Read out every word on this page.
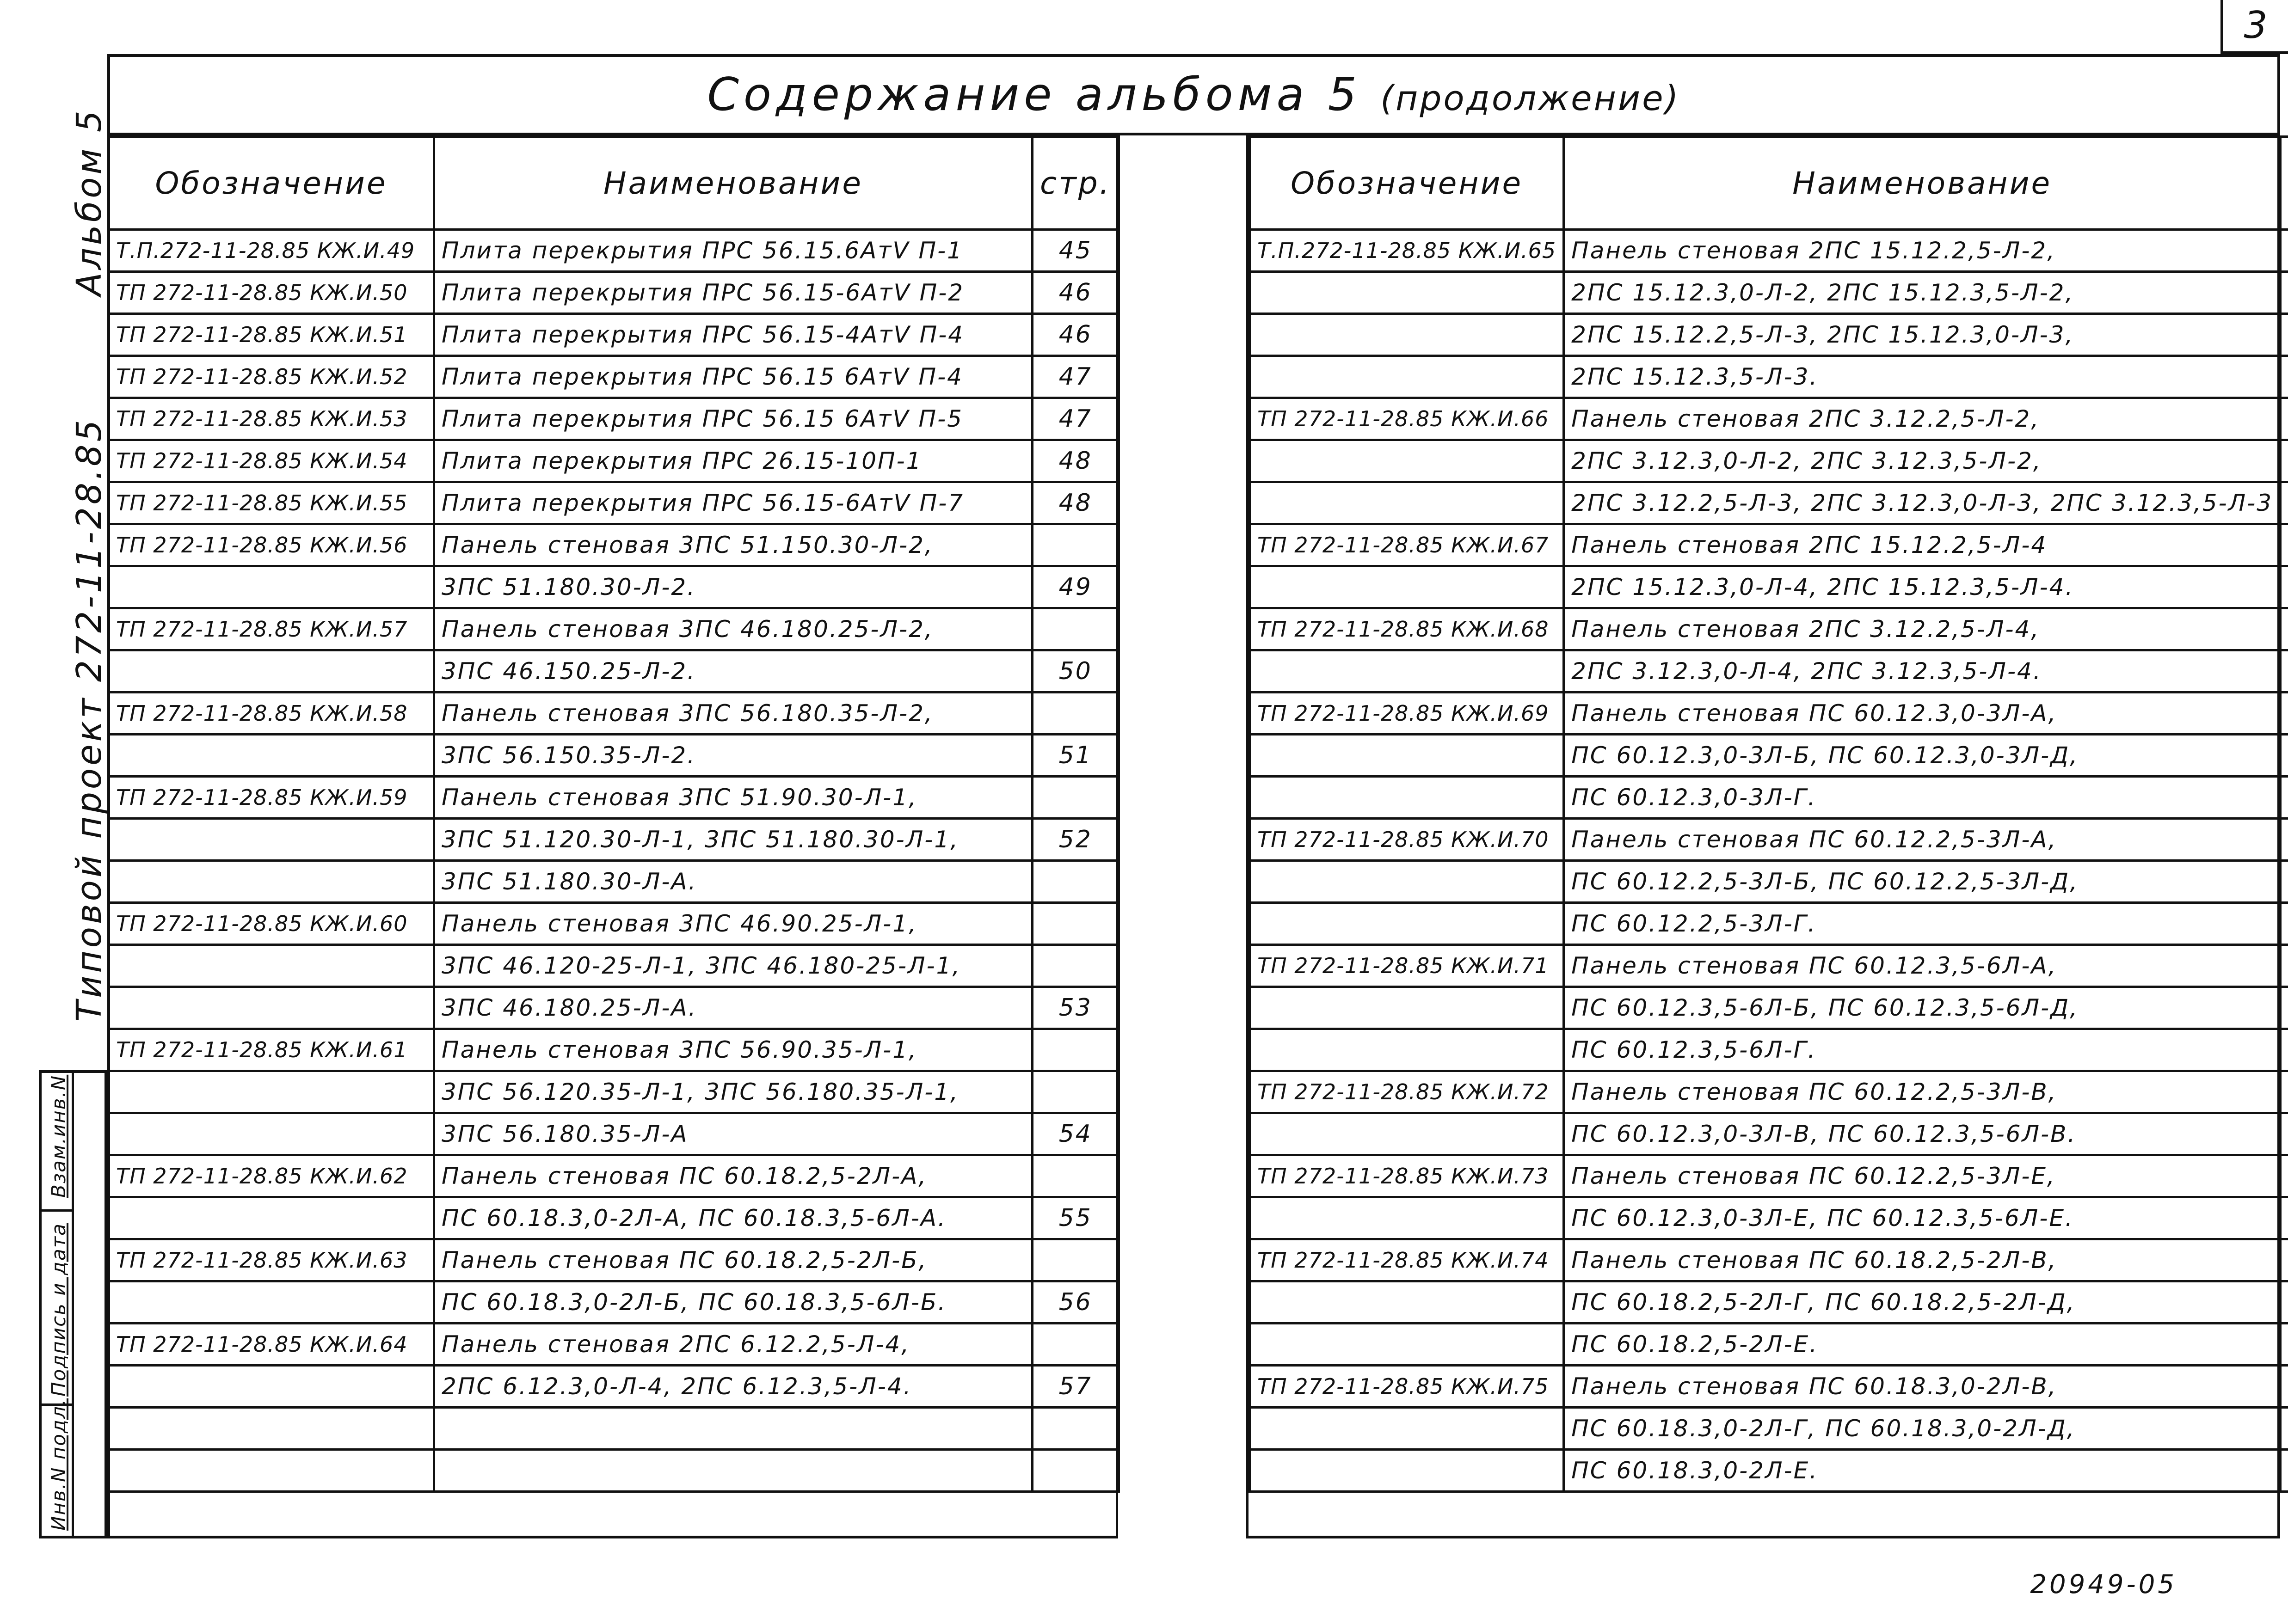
3
Содержание альбома 5 (продолжение)
Обозначение	Наименование	стр.
Т.П.272-11-28.85 КЖ.И.49	Плита перекрытия ПРС 56.15.6АтV П-1	45
ТП 272-11-28.85 КЖ.И.50	Плита перекрытия ПРС 56.15-6АтV П-2	46
ТП 272-11-28.85 КЖ.И.51	Плита перекрытия ПРС 56.15-4АтV П-4	46
ТП 272-11-28.85 КЖ.И.52	Плита перекрытия ПРС 56.15 6АтV П-4	47
ТП 272-11-28.85 КЖ.И.53	Плита перекрытия ПРС 56.15 6АтV П-5	47
ТП 272-11-28.85 КЖ.И.54	Плита перекрытия ПРС 26.15-10П-1	48
ТП 272-11-28.85 КЖ.И.55	Плита перекрытия ПРС 56.15-6АтV П-7	48
ТП 272-11-28.85 КЖ.И.56	Панель стеновая 3ПС 51.150.30-Л-2,	
	3ПС 51.180.30-Л-2.	49
ТП 272-11-28.85 КЖ.И.57	Панель стеновая 3ПС 46.180.25-Л-2,	
	3ПС 46.150.25-Л-2.	50
ТП 272-11-28.85 КЖ.И.58	Панель стеновая 3ПС 56.180.35-Л-2,	
	3ПС 56.150.35-Л-2.	51
ТП 272-11-28.85 КЖ.И.59	Панель стеновая 3ПС 51.90.30-Л-1,	
	3ПС 51.120.30-Л-1, 3ПС 51.180.30-Л-1,	52
	3ПС 51.180.30-Л-А.	
ТП 272-11-28.85 КЖ.И.60	Панель стеновая 3ПС 46.90.25-Л-1,	
	3ПС 46.120-25-Л-1, 3ПС 46.180-25-Л-1,	
	3ПС 46.180.25-Л-А.	53
ТП 272-11-28.85 КЖ.И.61	Панель стеновая 3ПС 56.90.35-Л-1,	
	3ПС 56.120.35-Л-1, 3ПС 56.180.35-Л-1,	
	3ПС 56.180.35-Л-А	54
ТП 272-11-28.85 КЖ.И.62	Панель стеновая ПС 60.18.2,5-2Л-А,	
	ПС 60.18.3,0-2Л-А, ПС 60.18.3,5-6Л-А.	55
ТП 272-11-28.85 КЖ.И.63	Панель стеновая ПС 60.18.2,5-2Л-Б,	
	ПС 60.18.3,0-2Л-Б, ПС 60.18.3,5-6Л-Б.	56
ТП 272-11-28.85 КЖ.И.64	Панель стеновая 2ПС 6.12.2,5-Л-4,	
	2ПС 6.12.3,0-Л-4, 2ПС 6.12.3,5-Л-4.	57

Обозначение	Наименование	
Т.П.272-11-28.85 КЖ.И.65	Панель стеновая 2ПС 15.12.2,5-Л-2,	
	2ПС 15.12.3,0-Л-2, 2ПС 15.12.3,5-Л-2,	
	2ПС 15.12.2,5-Л-3, 2ПС 15.12.3,0-Л-3,	
	2ПС 15.12.3,5-Л-3.	
ТП 272-11-28.85 КЖ.И.66	Панель стеновая 2ПС 3.12.2,5-Л-2,	
	2ПС 3.12.3,0-Л-2, 2ПС 3.12.3,5-Л-2,	
	2ПС 3.12.2,5-Л-3, 2ПС 3.12.3,0-Л-3, 2ПС 3.12.3,5-Л-3	
ТП 272-11-28.85 КЖ.И.67	Панель стеновая 2ПС 15.12.2,5-Л-4	
	2ПС 15.12.3,0-Л-4, 2ПС 15.12.3,5-Л-4.	
ТП 272-11-28.85 КЖ.И.68	Панель стеновая 2ПС 3.12.2,5-Л-4,	
	2ПС 3.12.3,0-Л-4, 2ПС 3.12.3,5-Л-4.	
ТП 272-11-28.85 КЖ.И.69	Панель стеновая ПС 60.12.3,0-3Л-А,	
	ПС 60.12.3,0-3Л-Б, ПС 60.12.3,0-3Л-Д,	
	ПС 60.12.3,0-3Л-Г.	
ТП 272-11-28.85 КЖ.И.70	Панель стеновая ПС 60.12.2,5-3Л-А,	
	ПС 60.12.2,5-3Л-Б, ПС 60.12.2,5-3Л-Д,	
	ПС 60.12.2,5-3Л-Г.	
ТП 272-11-28.85 КЖ.И.71	Панель стеновая ПС 60.12.3,5-6Л-А,	
	ПС 60.12.3,5-6Л-Б, ПС 60.12.3,5-6Л-Д,	
	ПС 60.12.3,5-6Л-Г.	
ТП 272-11-28.85 КЖ.И.72	Панель стеновая ПС 60.12.2,5-3Л-В,	
	ПС 60.12.3,0-3Л-В, ПС 60.12.3,5-6Л-В.	
ТП 272-11-28.85 КЖ.И.73	Панель стеновая ПС 60.12.2,5-3Л-Е,	
	ПС 60.12.3,0-3Л-Е, ПС 60.12.3,5-6Л-Е.	
ТП 272-11-28.85 КЖ.И.74	Панель стеновая ПС 60.18.2,5-2Л-В,	
	ПС 60.18.2,5-2Л-Г, ПС 60.18.2,5-2Л-Д,	
	ПС 60.18.2,5-2Л-Е.	
ТП 272-11-28.85 КЖ.И.75	Панель стеновая ПС 60.18.3,0-2Л-В,	
	ПС 60.18.3,0-2Л-Г, ПС 60.18.3,0-2Л-Д,	
	ПС 60.18.3,0-2Л-Е.	
Альбом 5
Типовой проект 272-11-28.85
Взам.инв.N
Подпись и дата
Инв.N подл.
20949-05
